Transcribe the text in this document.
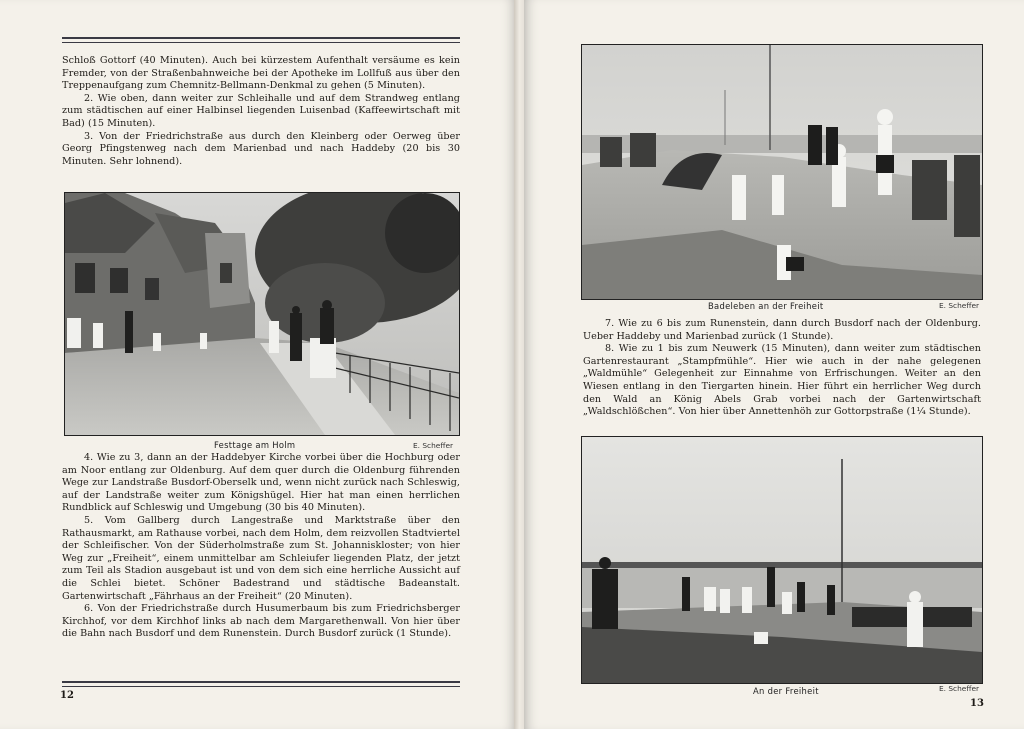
Schloß Gottorf (40 Minuten). Auch bei kürzestem Aufenthalt versäume es kein Fremder, von der Straßenbahnweiche bei der Apotheke im Lollfuß aus über den Treppenaufgang zum Chemnitz-Bellmann-Denkmal zu gehen (5 Minuten).

2. Wie oben, dann weiter zur Schleihalle und auf dem Strandweg entlang zum städtischen auf einer Halbinsel liegenden Luisenbad (Kaffeewirtschaft mit Bad) (15 Minuten).

3. Von der Friedrichstraße aus durch den Kleinberg oder Oerweg über Georg Pfingstenweg nach dem Marienbad und nach Haddeby (20 bis 30 Minuten. Sehr lohnend).

Festtage am Holm	E. Scheffer

4. Wie zu 3, dann an der Haddebyer Kirche vorbei über die Hochburg oder am Noor entlang zur Oldenburg. Auf dem quer durch die Oldenburg führenden Wege zur Landstraße Busdorf-Oberselk und, wenn nicht zurück nach Schleswig, auf der Landstraße weiter zum Königshügel. Hier hat man einen herrlichen Rundblick auf Schleswig und Umgebung (30 bis 40 Minuten).

5. Vom Gallberg durch Langestraße und Marktstraße über den Rathausmarkt, am Rathause vorbei, nach dem Holm, dem reizvollen Stadtviertel der Schleifischer. Von der Süderholmstraße zum St. Johanniskloster; von hier Weg zur „Freiheit“, einem unmittelbar am Schleiufer liegenden Platz, der jetzt zum Teil als Stadion ausgebaut ist und von dem sich eine herrliche Aussicht auf die Schlei bietet. Schöner Badestrand und städtische Badeanstalt. Gartenwirtschaft „Fährhaus an der Freiheit“ (20 Minuten).

6. Von der Friedrichstraße durch Husumerbaum bis zum Friedrichsberger Kirchhof, vor dem Kirchhof links ab nach dem Margarethenwall. Von hier über die Bahn nach Busdorf und dem Runenstein. Durch Busdorf zurück (1 Stunde).

12
Badeleben an der Freiheit	E. Scheffer

7. Wie zu 6 bis zum Runenstein, dann durch Busdorf nach der Oldenburg. Ueber Haddeby und Marienbad zurück (1 Stunde).

8. Wie zu 1 bis zum Neuwerk (15 Minuten), dann weiter zum städtischen Gartenrestaurant „Stampfmühle“. Hier wie auch in der nahe gelegenen „Waldmühle“ Gelegenheit zur Einnahme von Erfrischungen. Weiter an den Wiesen entlang in den Tiergarten hinein. Hier führt ein herrlicher Weg durch den Wald an König Abels Grab vorbei nach der Gartenwirtschaft „Waldschlößchen“. Von hier über Annettenhöh zur Gottorpstraße (1¼ Stunde).

An der Freiheit	E. Scheffer
13
